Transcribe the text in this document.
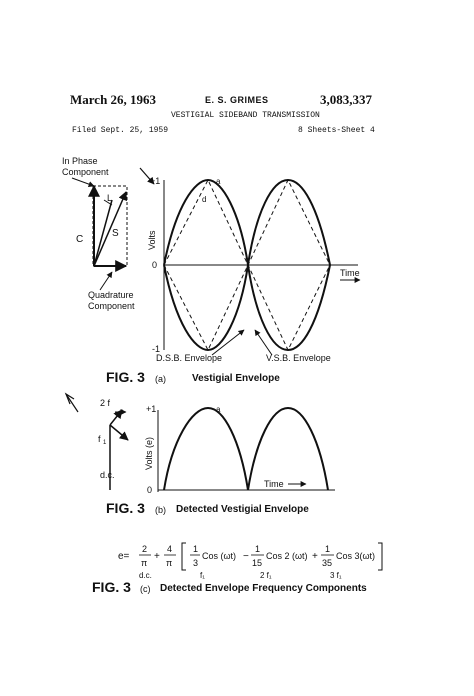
March 26, 1963	E. S. GRIMES	3,083,337
VESTIGIAL SIDEBAND TRANSMISSION
Filed Sept. 25, 1959	8 Sheets-Sheet 4
In Phase
Component
C
L
S
Quadrature
Component
+1
0
-1
Volts
Time
a
d
D.S.B. Envelope	V.S.B. Envelope
FIG. 3 (a)	Vestigial Envelope
2 f
f 1
d.c.
+1
0
Volts (e)
a
Time
FIG. 3 (b) Detected Vestigial Envelope
e=
2
π
+
4
π
1
3
Cos (ωt) −
1
15
Cos 2 (ωt) +
1
35
Cos 3(ωt)
d.c.	f₁	2 f₁	3 f₁
FIG. 3 (c) Detected Envelope Frequency Components
